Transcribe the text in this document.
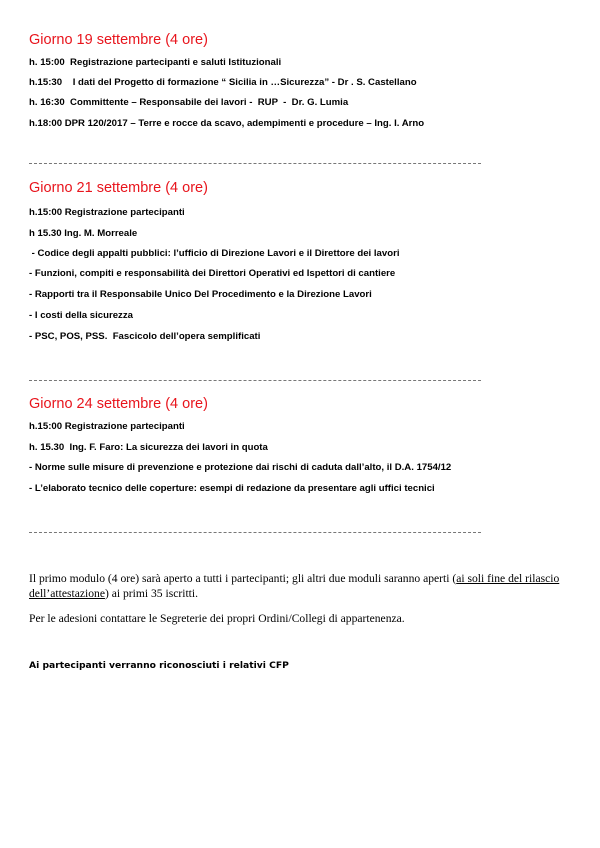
Giorno 19 settembre (4 ore)

h. 15:00  Registrazione partecipanti e saluti Istituzionali

h.15:30    I dati del Progetto di formazione “ Sicilia in …Sicurezza” - Dr . S. Castellano

h. 16:30  Committente – Responsabile dei lavori -  RUP  -  Dr. G. Lumia

h.18:00 DPR 120/2017 – Terre e rocce da scavo, adempimenti e procedure – Ing. I. Arno

Giorno 21 settembre (4 ore)

h.15:00 Registrazione partecipanti

h 15.30 Ing. M. Morreale

- Codice degli appalti pubblici: l’ufficio di Direzione Lavori e il Direttore dei lavori

- Funzioni, compiti e responsabilità dei Direttori Operativi ed Ispettori di cantiere

- Rapporti tra il Responsabile Unico Del Procedimento e la Direzione Lavori

- I costi della sicurezza

- PSC, POS, PSS.  Fascicolo dell’opera semplificati

Giorno 24 settembre (4 ore)

h.15:00 Registrazione partecipanti

h. 15.30  Ing. F. Faro: La sicurezza dei lavori in quota

- Norme sulle misure di prevenzione e protezione dai rischi di caduta dall’alto, il D.A. 1754/12

- L’elaborato tecnico delle coperture: esempi di redazione da presentare agli uffici tecnici

Il primo modulo (4 ore) sarà aperto a tutti i partecipanti; gli altri due moduli saranno aperti (ai soli fine del rilascio dell’attestazione) ai primi 35 iscritti.

Per le adesioni contattare le Segreterie dei propri Ordini/Collegi di appartenenza.

Ai partecipanti verranno riconosciuti i relativi CFP
